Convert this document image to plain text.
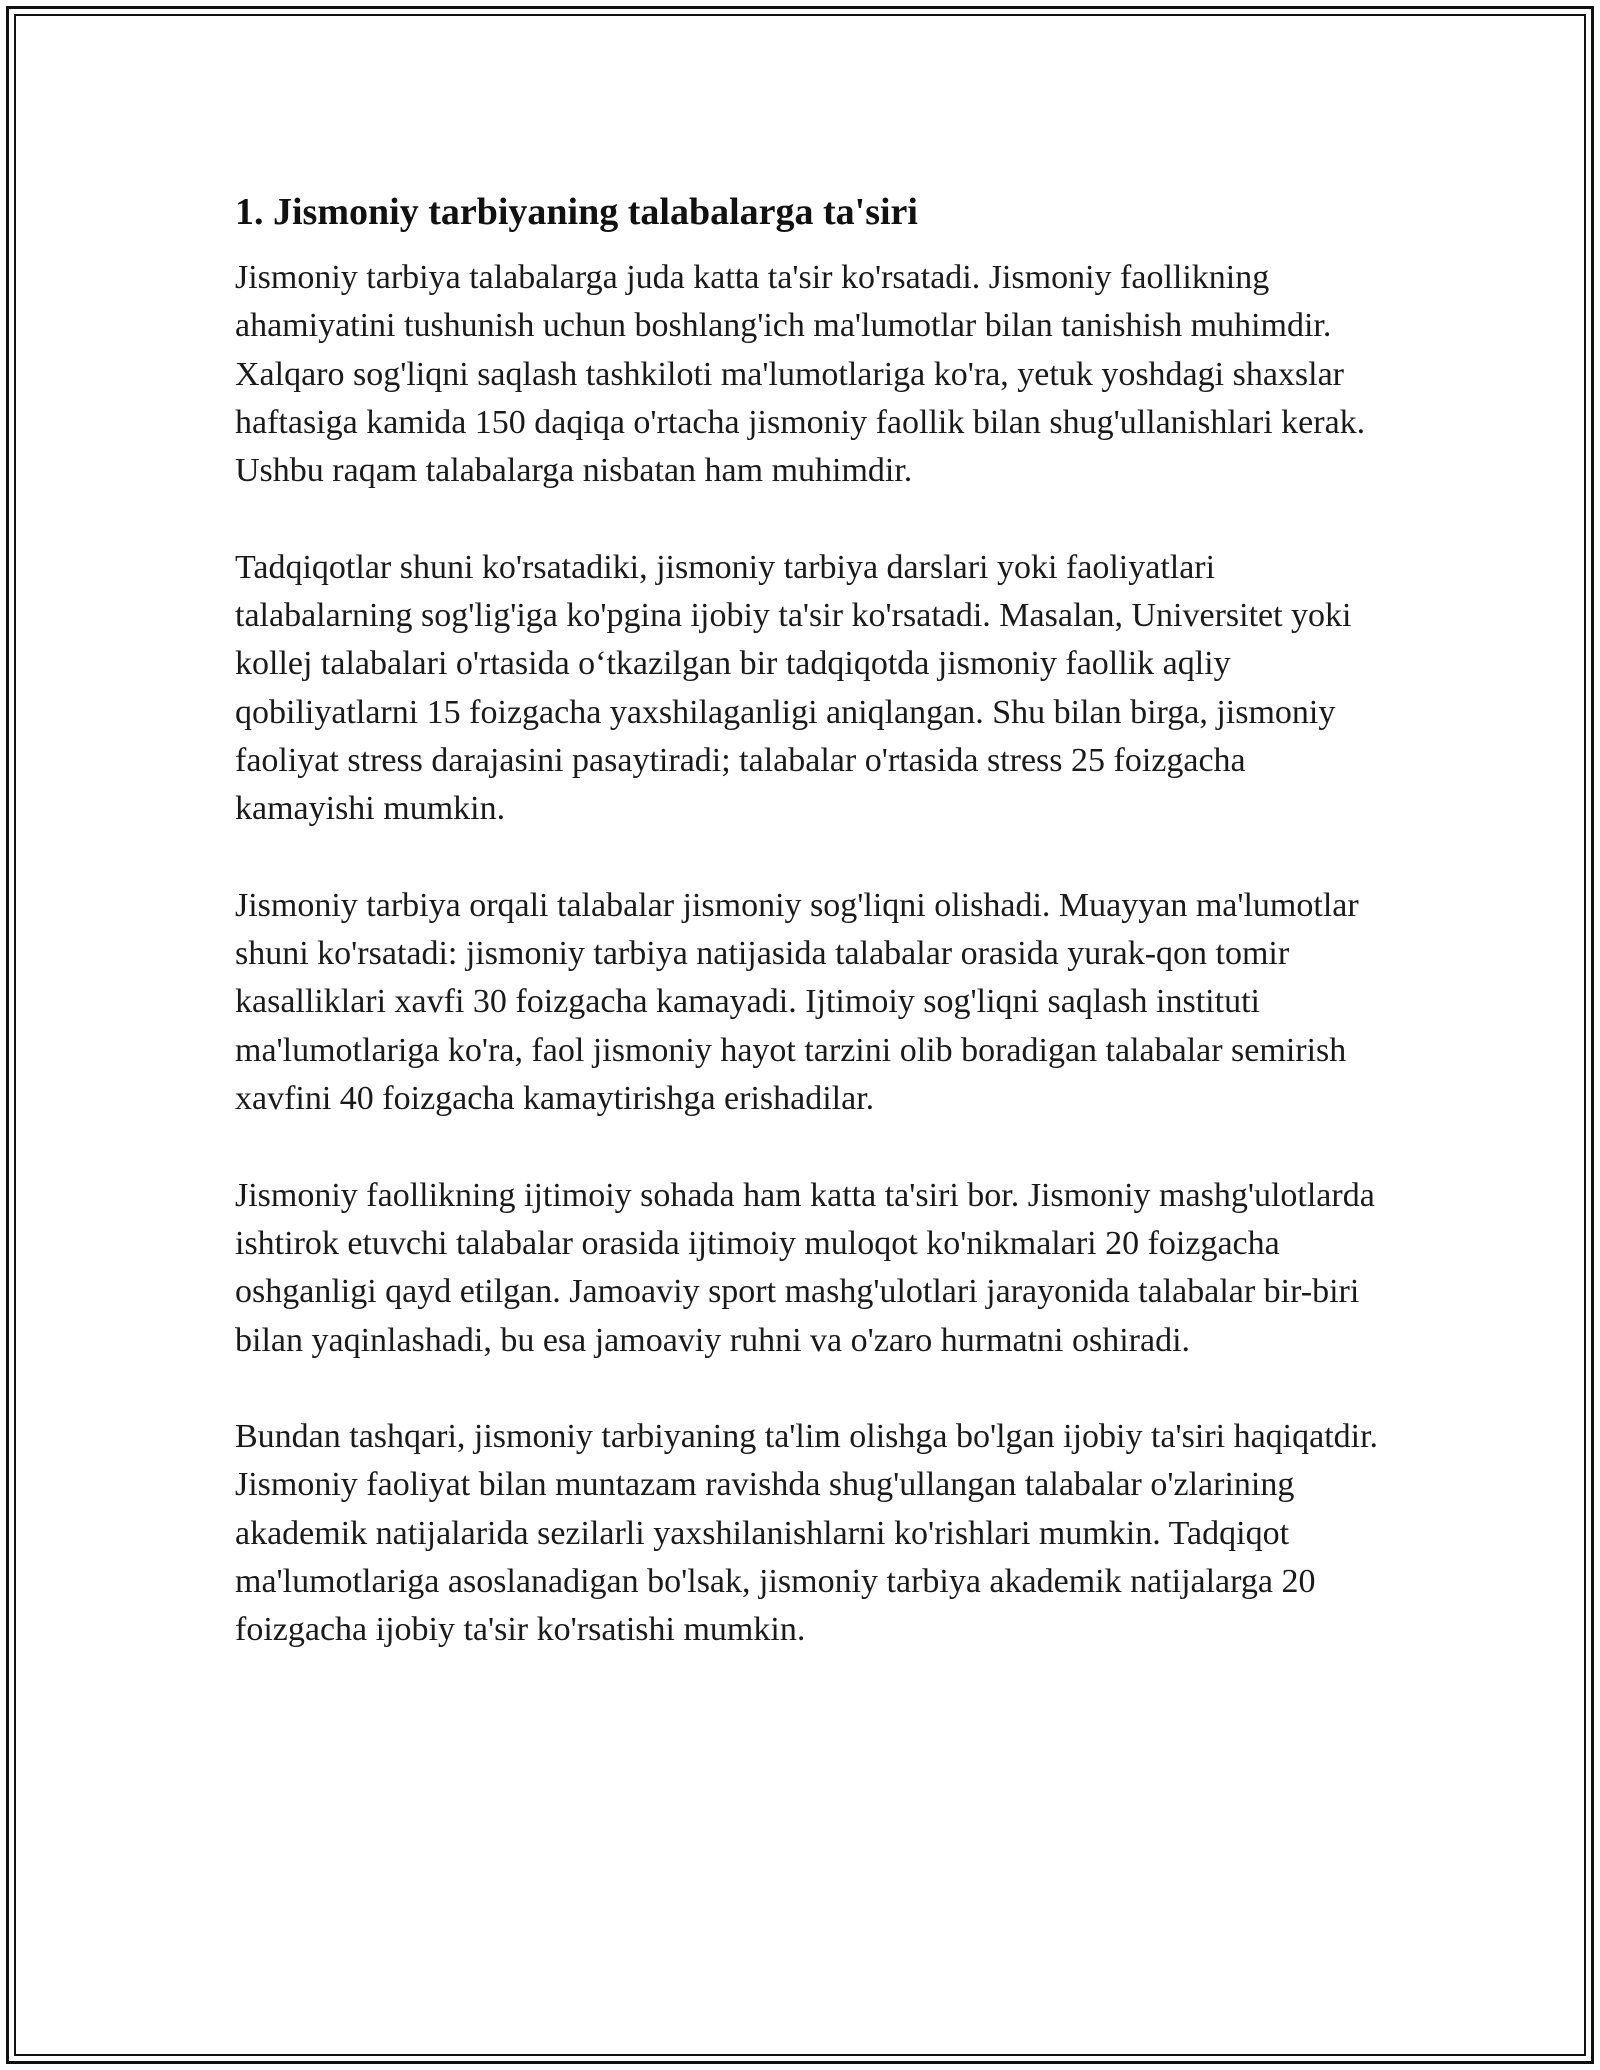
1. Jismoniy tarbiyaning talabalarga ta'siri

Jismoniy tarbiya talabalarga juda katta ta'sir ko'rsatadi. Jismoniy faollikning ahamiyatini tushunish uchun boshlang'ich ma'lumotlar bilan tanishish muhimdir. Xalqaro sog'liqni saqlash tashkiloti ma'lumotlariga ko'ra, yetuk yoshdagi shaxslar haftasiga kamida 150 daqiqa o'rtacha jismoniy faollik bilan shug'ullanishlari kerak. Ushbu raqam talabalarga nisbatan ham muhimdir.

Tadqiqotlar shuni ko'rsatadiki, jismoniy tarbiya darslari yoki faoliyatlari talabalarning sog'lig'iga ko'pgina ijobiy ta'sir ko'rsatadi. Masalan, Universitet yoki kollej talabalari o'rtasida o‘tkazilgan bir tadqiqotda jismoniy faollik aqliy qobiliyatlarni 15 foizgacha yaxshilaganligi aniqlangan. Shu bilan birga, jismoniy faoliyat stress darajasini pasaytiradi; talabalar o'rtasida stress 25 foizgacha kamayishi mumkin.

Jismoniy tarbiya orqali talabalar jismoniy sog'liqni olishadi. Muayyan ma'lumotlar shuni ko'rsatadi: jismoniy tarbiya natijasida talabalar orasida yurak-qon tomir kasalliklari xavfi 30 foizgacha kamayadi. Ijtimoiy sog'liqni saqlash instituti ma'lumotlariga ko'ra, faol jismoniy hayot tarzini olib boradigan talabalar semirish xavfini 40 foizgacha kamaytirishga erishadilar.

Jismoniy faollikning ijtimoiy sohada ham katta ta'siri bor. Jismoniy mashg'ulotlarda ishtirok etuvchi talabalar orasida ijtimoiy muloqot ko'nikmalari 20 foizgacha oshganligi qayd etilgan. Jamoaviy sport mashg'ulotlari jarayonida talabalar bir-biri bilan yaqinlashadi, bu esa jamoaviy ruhni va o'zaro hurmatni oshiradi.

Bundan tashqari, jismoniy tarbiyaning ta'lim olishga bo'lgan ijobiy ta'siri haqiqatdir. Jismoniy faoliyat bilan muntazam ravishda shug'ullangan talabalar o'zlarining akademik natijalarida sezilarli yaxshilanishlarni ko'rishlari mumkin. Tadqiqot ma'lumotlariga asoslanadigan bo'lsak, jismoniy tarbiya akademik natijalarga 20 foizgacha ijobiy ta'sir ko'rsatishi mumkin.
